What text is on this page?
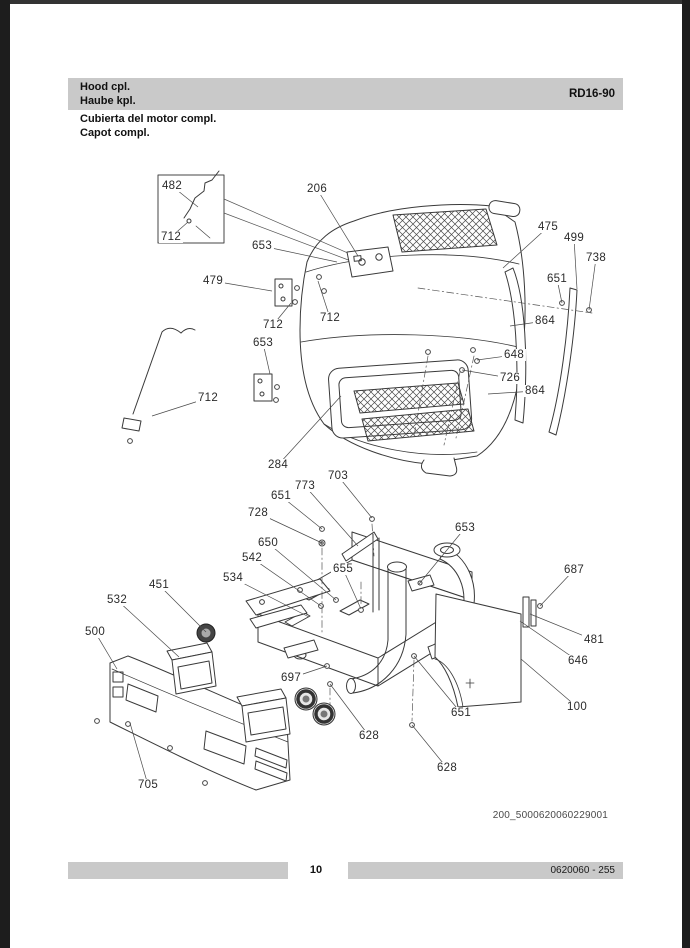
Hood cpl.
Haube kpl.
RD16-90
Cubierta del motor compl.
Capot compl.
482
712
206
653
479
712
712
653
712
475
499
738
651
864
648
726
864
284
703
773
651
728
650
542
534
655
653
687
451
532
500
481
646
697
100
651
628
628
705
200_5000620060229001
10	0620060 - 255
